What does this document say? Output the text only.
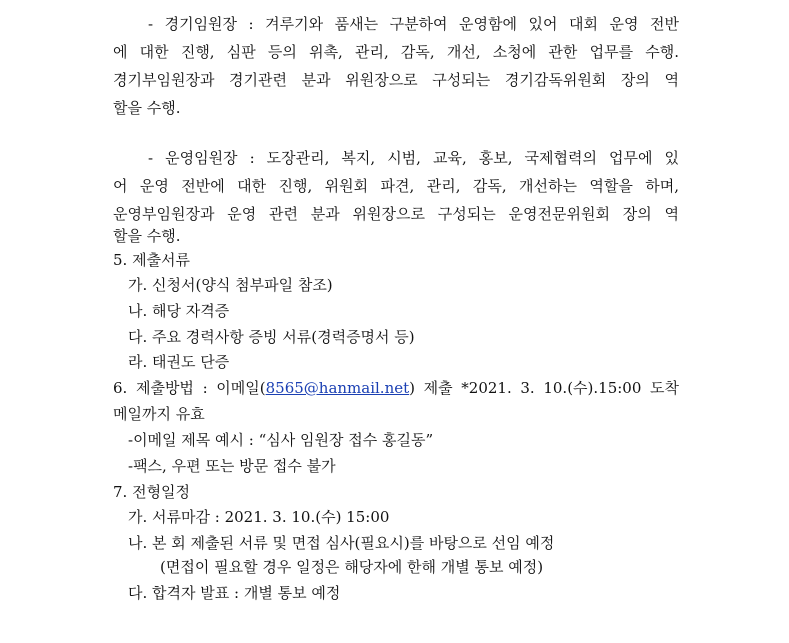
- 경기임원장 : 겨루기와 품새는 구분하여 운영함에 있어 대회 운영 전반
에 대한 진행, 심판 등의 위촉, 관리, 감독, 개선, 소청에 관한 업무를 수행.
경기부임원장과 경기관련 분과 위원장으로 구성되는 경기감독위원회 장의 역
할을 수행.
- 운영임원장 : 도장관리, 복지, 시범, 교육, 홍보, 국제협력의 업무에 있
어 운영 전반에 대한 진행, 위원회 파견, 관리, 감독, 개선하는 역할을 하며,
운영부임원장과 운영 관련 분과 위원장으로 구성되는 운영전문위원회 장의 역
할을 수행.
5. 제출서류
가. 신청서(양식 첨부파일 참조)
나. 해당 자격증
다. 주요 경력사항 증빙 서류(경력증명서 등)
라. 태권도 단증
6. 제출방법 : 이메일(8565@hanmail.net) 제출 *2021. 3. 10.(수).15:00 도착
메일까지 유효
-이메일 제목 예시 : “심사 임원장 접수 홍길동”
-팩스, 우편 또는 방문 접수 불가
7. 전형일정
가. 서류마감 : 2021. 3. 10.(수) 15:00
나. 본 회 제출된 서류 및 면접 심사(필요시)를 바탕으로 선임 예정
(면접이 필요할 경우 일정은 해당자에 한해 개별 통보 예정)
다. 합격자 발표 : 개별 통보 예정
